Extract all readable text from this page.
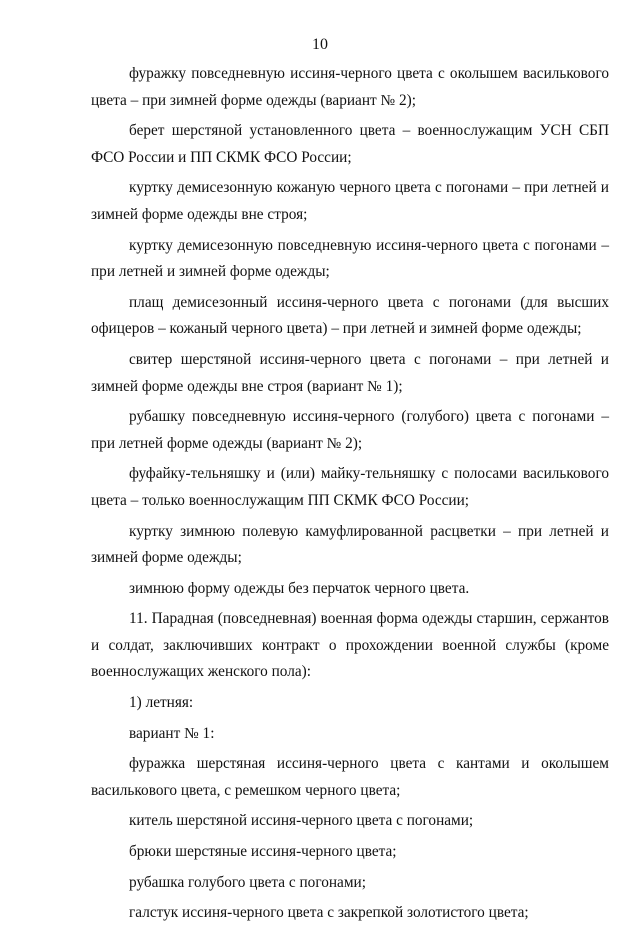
10

фуражку повседневную иссиня-черного цвета с околышем василькового цвета – при зимней форме одежды (вариант № 2);

берет шерстяной установленного цвета – военнослужащим УСН СБП ФСО России и ПП СКМК ФСО России;

куртку демисезонную кожаную черного цвета с погонами – при летней и зимней форме одежды вне строя;

куртку демисезонную повседневную иссиня-черного цвета с погонами – при летней и зимней форме одежды;

плащ демисезонный иссиня-черного цвета с погонами (для высших офицеров – кожаный черного цвета) – при летней и зимней форме одежды;

свитер шерстяной иссиня-черного цвета с погонами – при летней и зимней форме одежды вне строя (вариант № 1);

рубашку повседневную иссиня-черного (голубого) цвета с погонами – при летней форме одежды (вариант № 2);

фуфайку-тельняшку и (или) майку-тельняшку с полосами василькового цвета – только военнослужащим ПП СКМК ФСО России;

куртку зимнюю полевую камуфлированной расцветки – при летней и зимней форме одежды;

зимнюю форму одежды без перчаток черного цвета.

11. Парадная (повседневная) военная форма одежды старшин, сержантов и солдат, заключивших контракт о прохождении военной службы (кроме военнослужащих женского пола):

1) летняя:

вариант № 1:

фуражка шерстяная иссиня-черного цвета с кантами и околышем василькового цвета, с ремешком черного цвета;

китель шерстяной иссиня-черного цвета с погонами;

брюки шерстяные иссиня-черного цвета;

рубашка голубого цвета с погонами;

галстук иссиня-черного цвета с закрепкой золотистого цвета;
